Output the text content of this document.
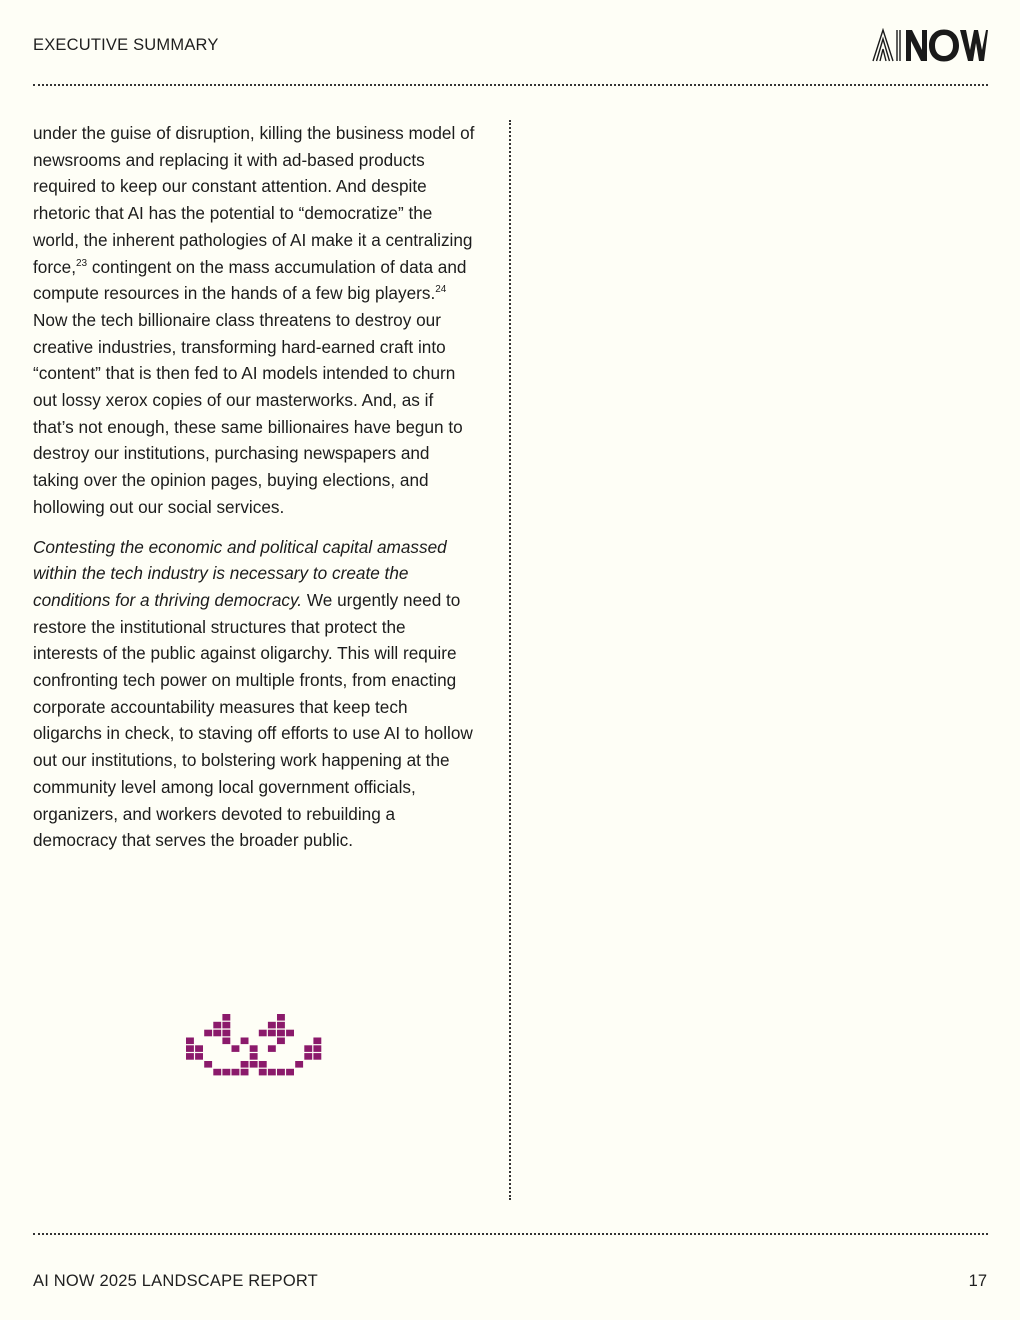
EXECUTIVE SUMMARY

under the guise of disruption, killing the business model of newsrooms and replacing it with ad-based products required to keep our constant attention. And despite rhetoric that AI has the potential to “democratize” the world, the inherent pathologies of AI make it a centralizing force,$^{23}$ contingent on the mass accumulation of data and compute resources in the hands of a few big players.$^{24}$ Now the tech billionaire class threatens to destroy our creative industries, transforming hard-earned craft into “content” that is then fed to AI models intended to churn out lossy xerox copies of our masterworks. And, as if that’s not enough, these same billionaires have begun to destroy our institutions, purchasing newspapers and taking over the opinion pages, buying elections, and hollowing out our social services.

Contesting the economic and political capital amassed within the tech industry is necessary to create the conditions for a thriving democracy. We urgently need to restore the institutional structures that protect the interests of the public against oligarchy. This will require confronting tech power on multiple fronts, from enacting corporate accountability measures that keep tech oligarchs in check, to staving off efforts to use AI to hollow out our institutions, to bolstering work happening at the community level among local government officials, organizers, and workers devoted to rebuilding a democracy that serves the broader public.

AI NOW 2025 LANDSCAPE REPORT	17
